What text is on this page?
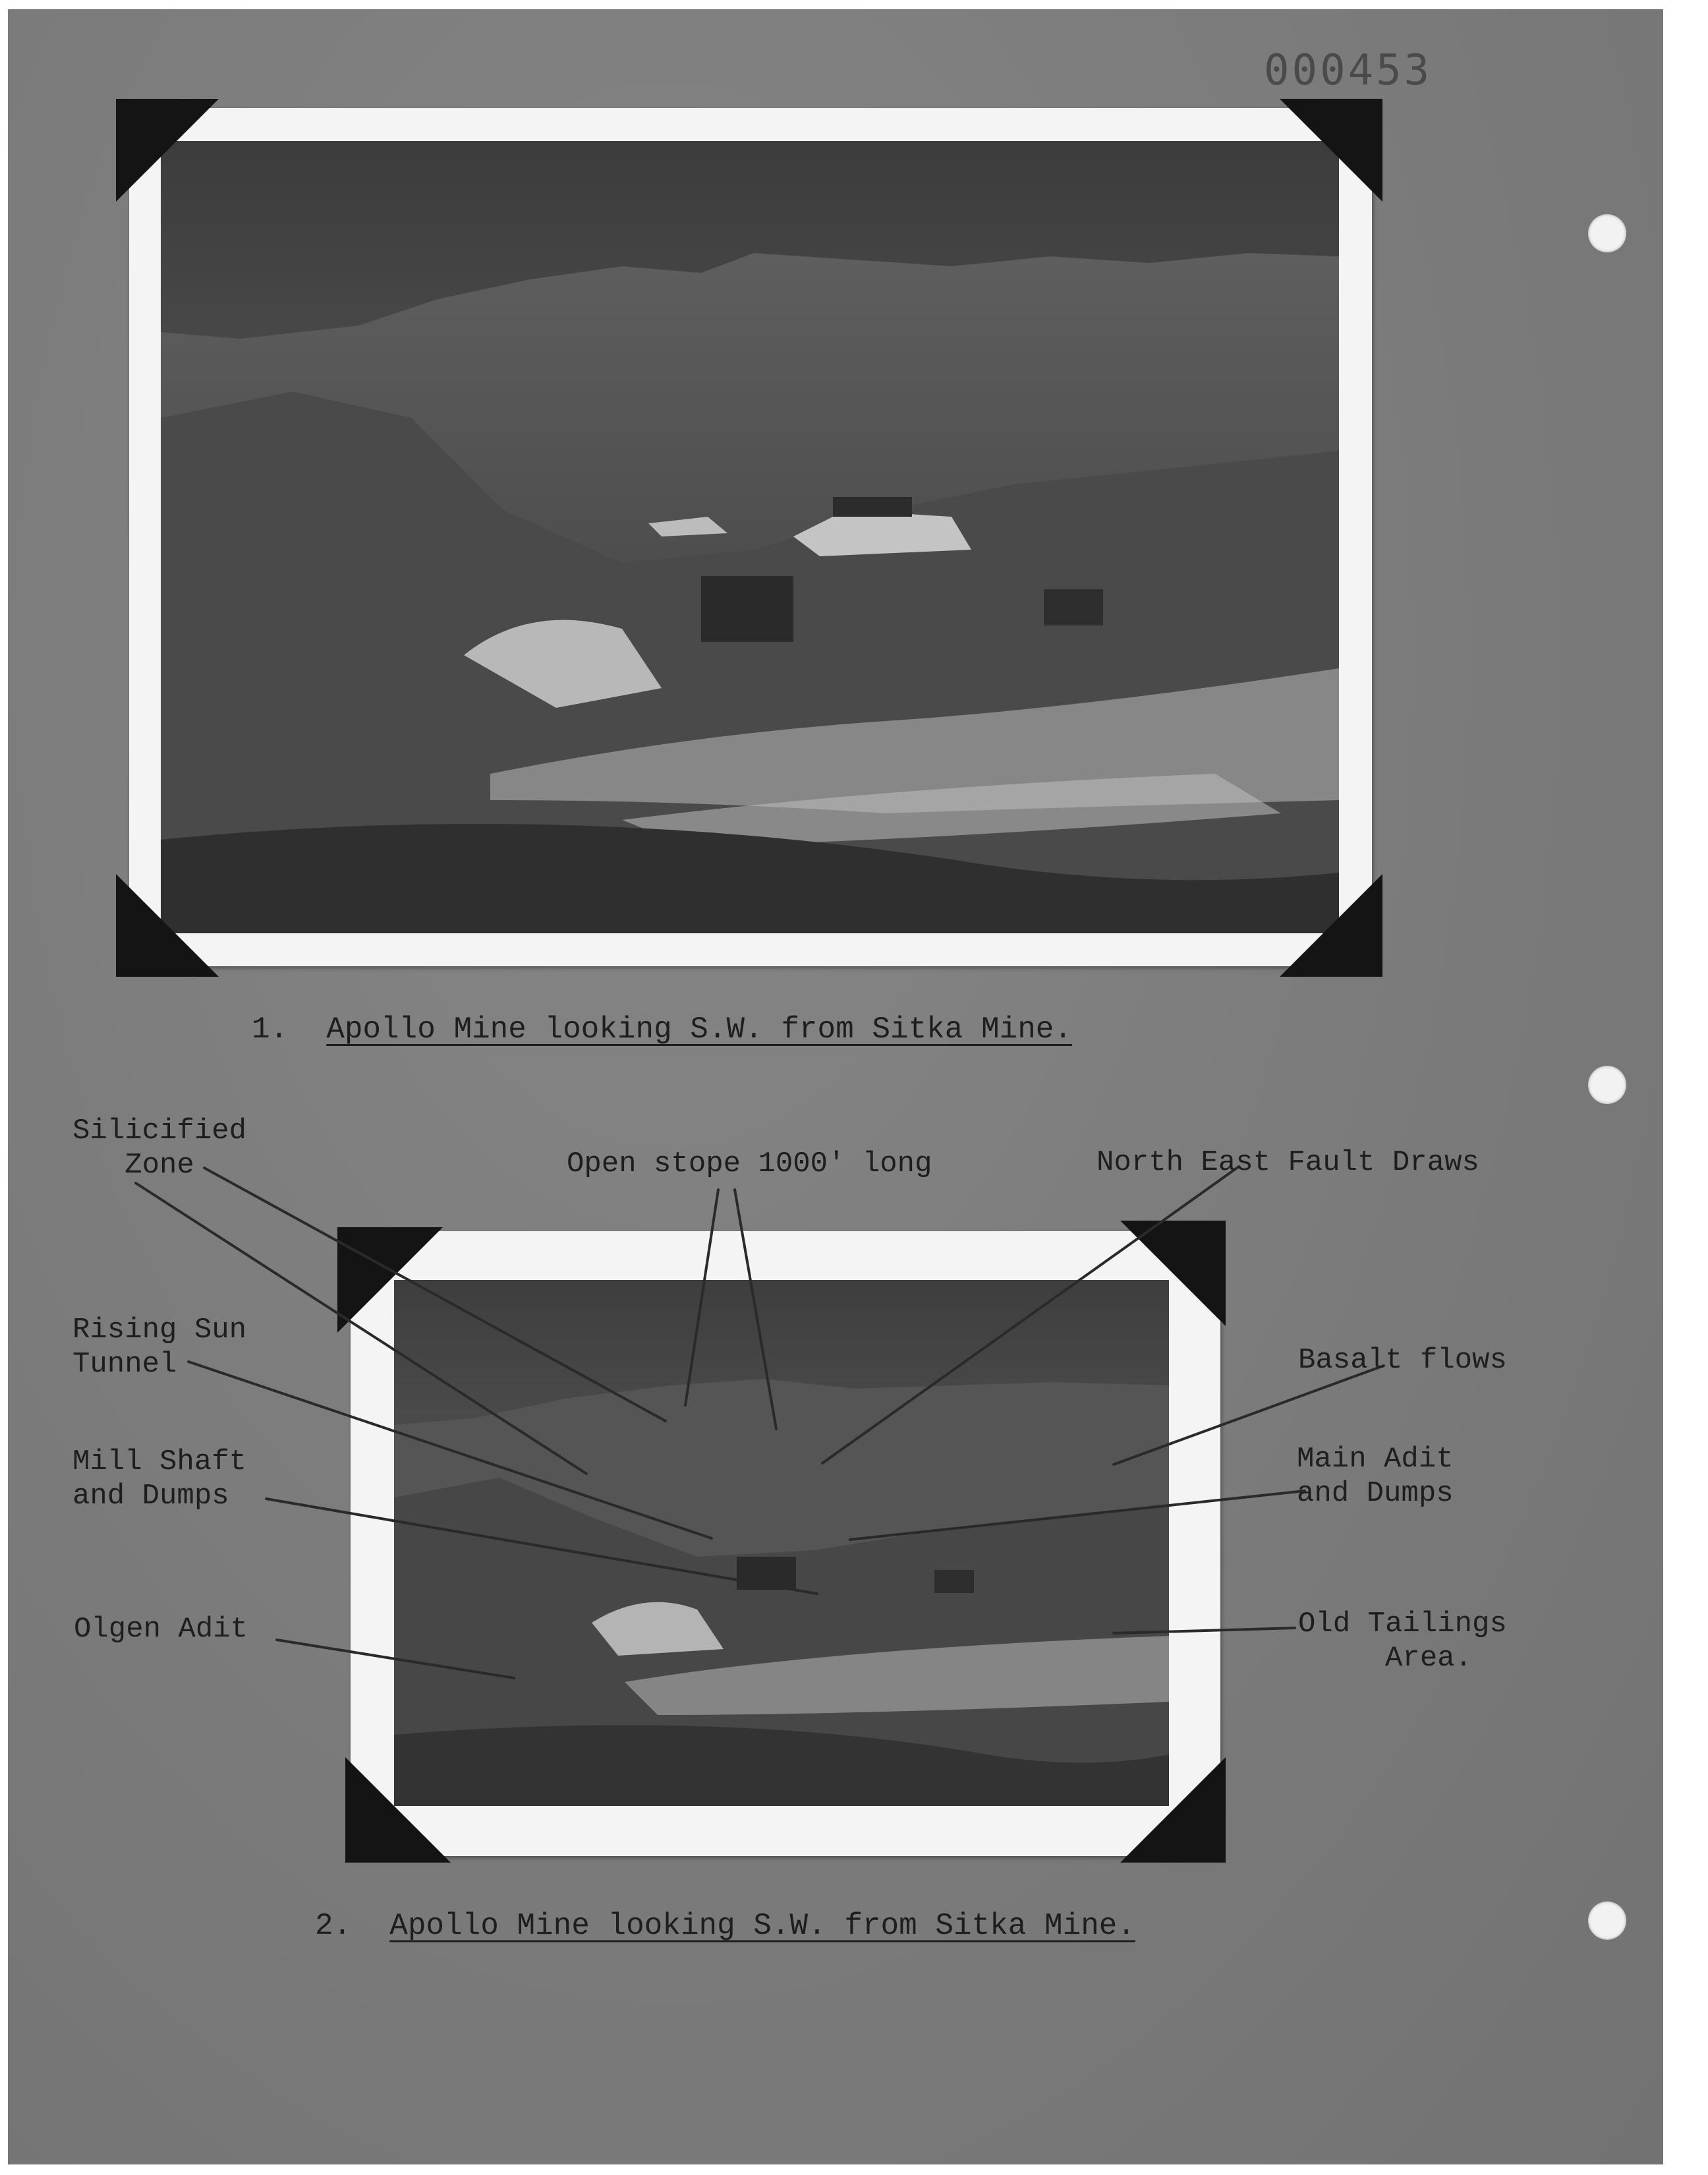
000453
1. Apollo Mine looking S.W. from Sitka Mine.
Silicified
Zone	Open stope 1000' long	North East Fault Draws
Rising Sun
Tunnel	Basalt flows
Mill Shaft
and Dumps
Main Adit
and Dumps
Olgen Adit	Old Tailings
Area.
2. Apollo Mine looking S.W. from Sitka Mine.
